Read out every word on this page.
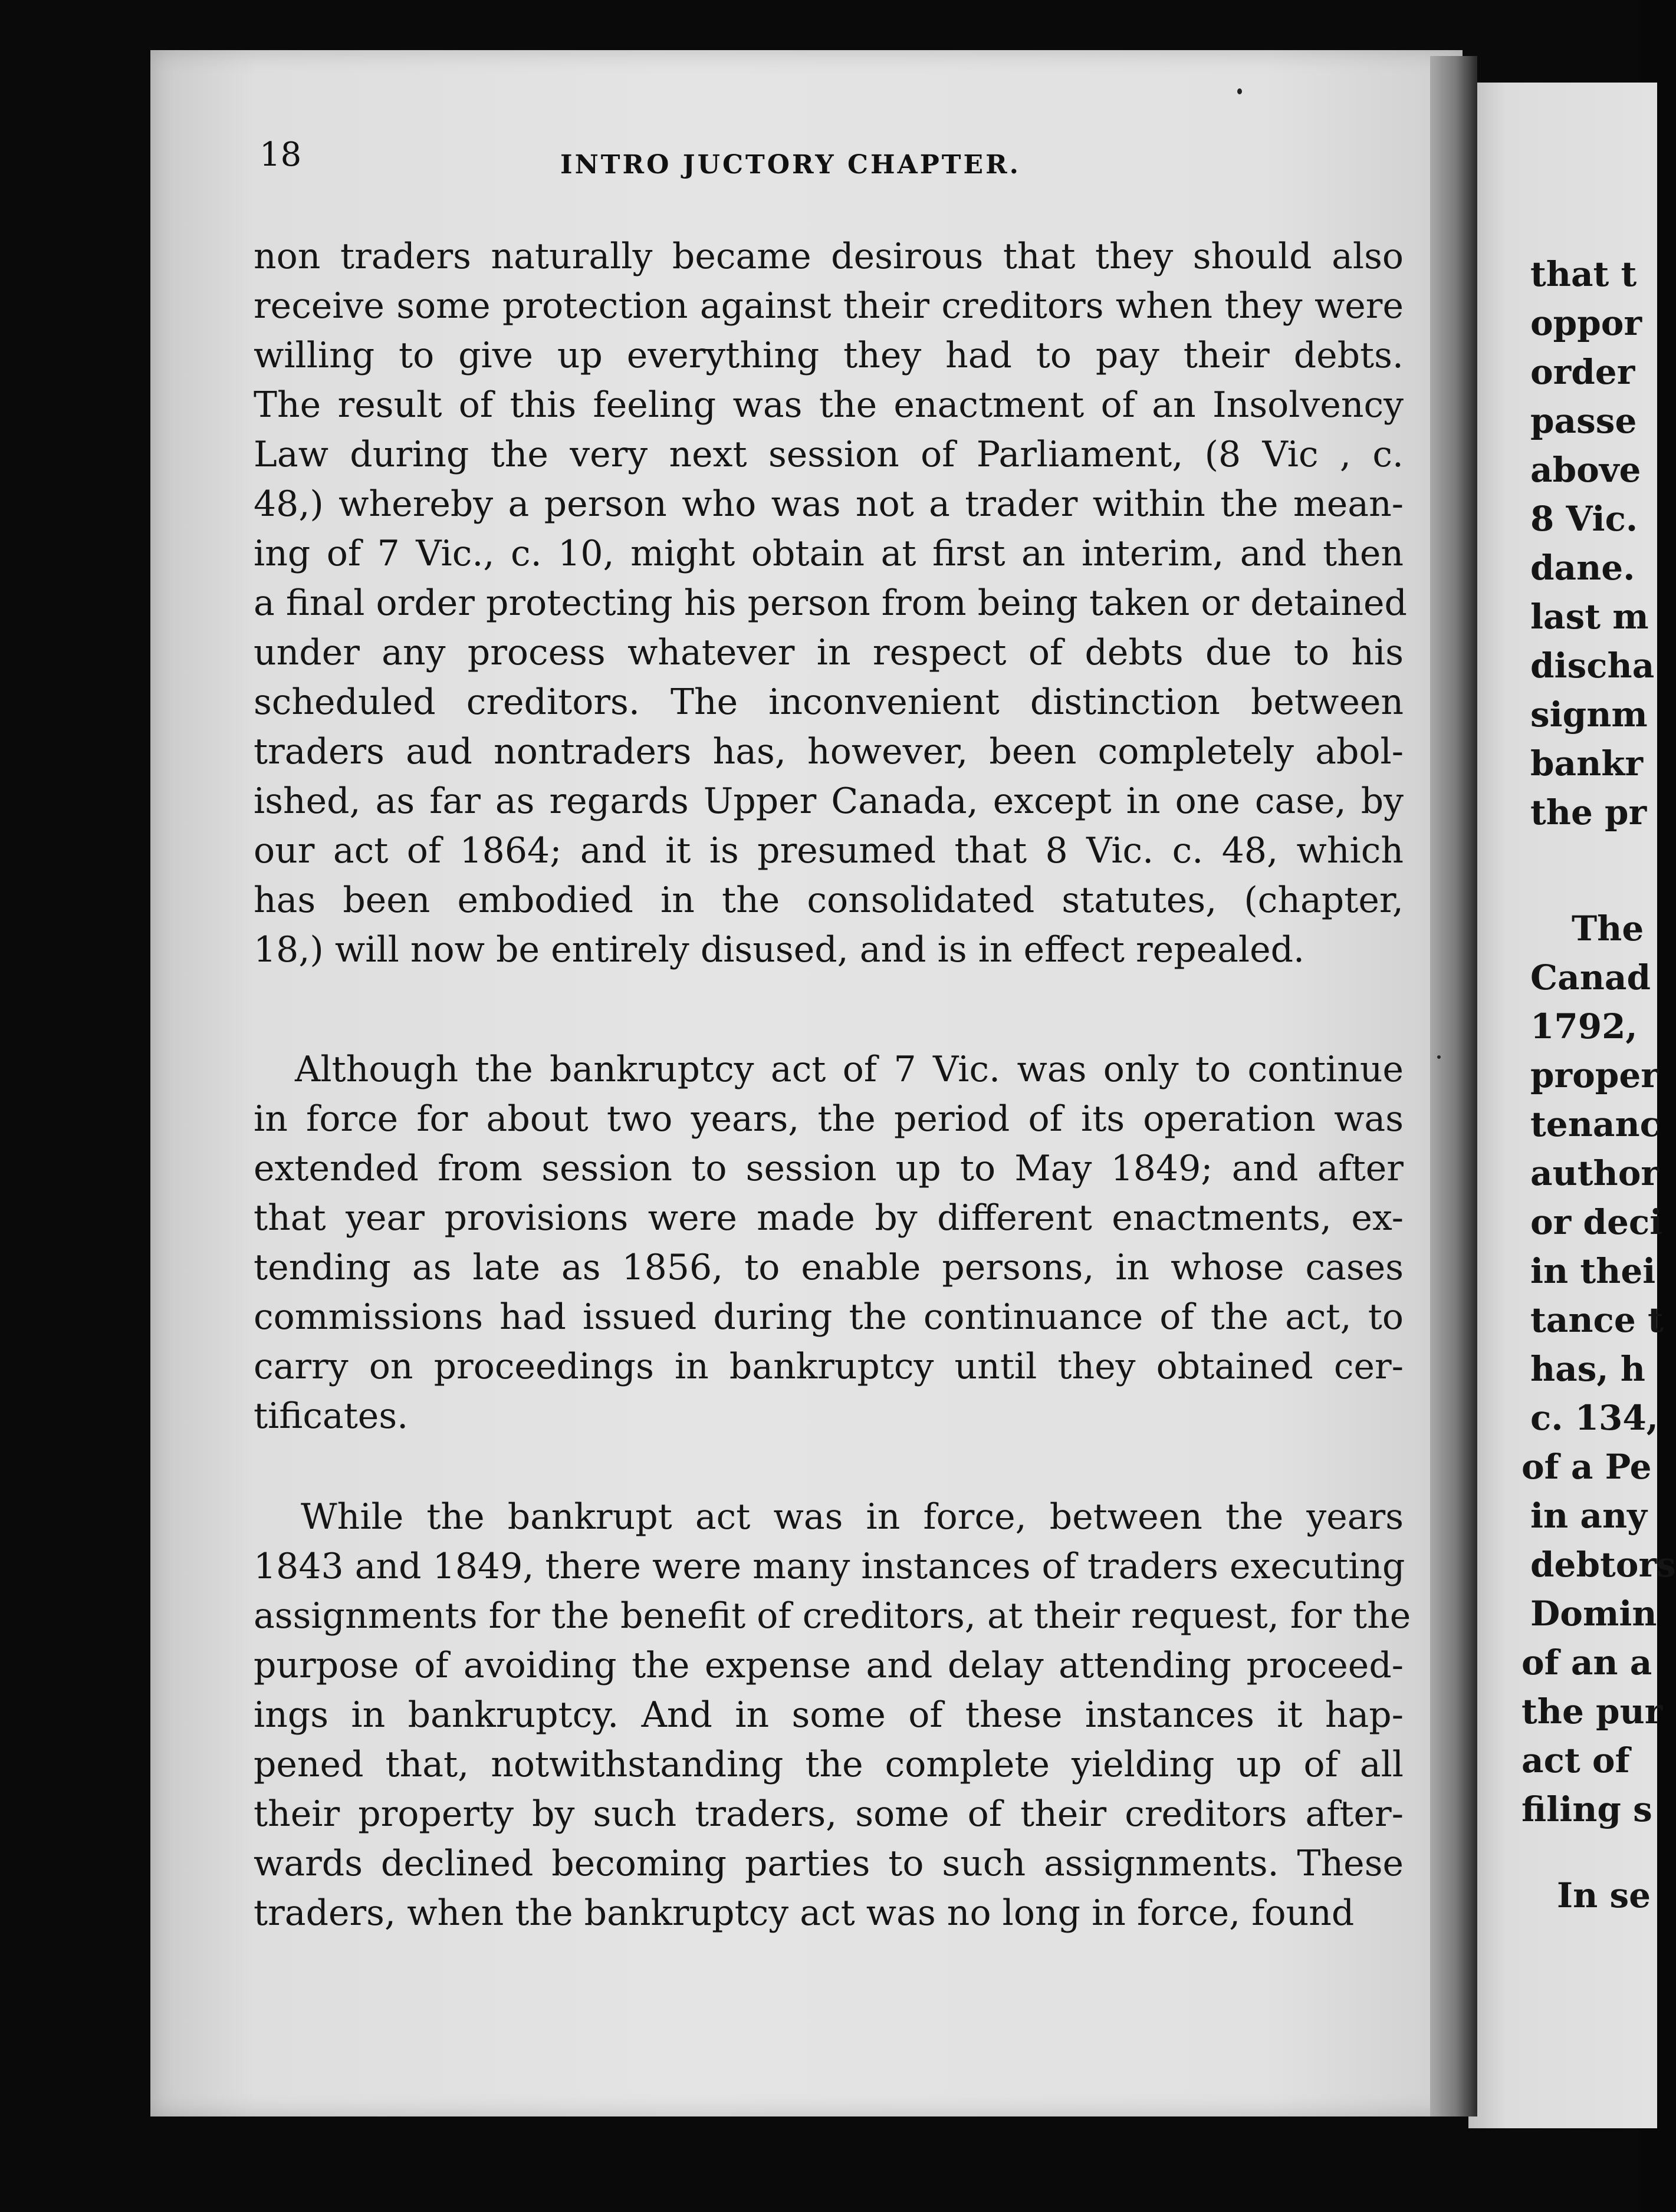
18	INTRO JUCTORY CHAPTER.
non traders naturally became desirous that they should also
receive some protection against their creditors when they were
willing to give up everything they had to pay their debts.
The result of this feeling was the enactment of an Insolvency
Law during the very next session of Parliament, (8 Vic , c.
48,) whereby a person who was not a trader within the mean-
ing of 7 Vic., c. 10, might obtain at first an interim, and then
a final order protecting his person from being taken or detained
under any process whatever in respect of debts due to his
scheduled creditors. The inconvenient distinction between
traders aud nontraders has, however, been completely abol-
ished, as far as regards Upper Canada, except in one case, by
our act of 1864; and it is presumed that 8 Vic. c. 48, which
has been embodied in the consolidated statutes, (chapter,
18,) will now be entirely disused, and is in effect repealed.
Although the bankruptcy act of 7 Vic. was only to continue
in force for about two years, the period of its operation was
extended from session to session up to May 1849; and after
that year provisions were made by different enactments, ex-
tending as late as 1856, to enable persons, in whose cases
commissions had issued during the continuance of the act, to
carry on proceedings in bankruptcy until they obtained cer-
tificates.
While the bankrupt act was in force, between the years
1843 and 1849, there were many instances of traders executing
assignments for the benefit of creditors, at their request, for the
purpose of avoiding the expense and delay attending proceed-
ings in bankruptcy. And in some of these instances it hap-
pened that, notwithstanding the complete yielding up of all
their property by such traders, some of their creditors after-
wards declined becoming parties to such assignments. These
traders, when the bankruptcy act was no long in force, found
that t
oppor
order
passe
above
8 Vic.
dane.
last m
discha
signm
bankr
the pr
The
Canad
1792,
proper
tenanc
author
or deci
in thei
tance t
has, h
c. 134,
of a Pe
in any
debtors
Domin
of an a
the pur
act of
filing s
In se
